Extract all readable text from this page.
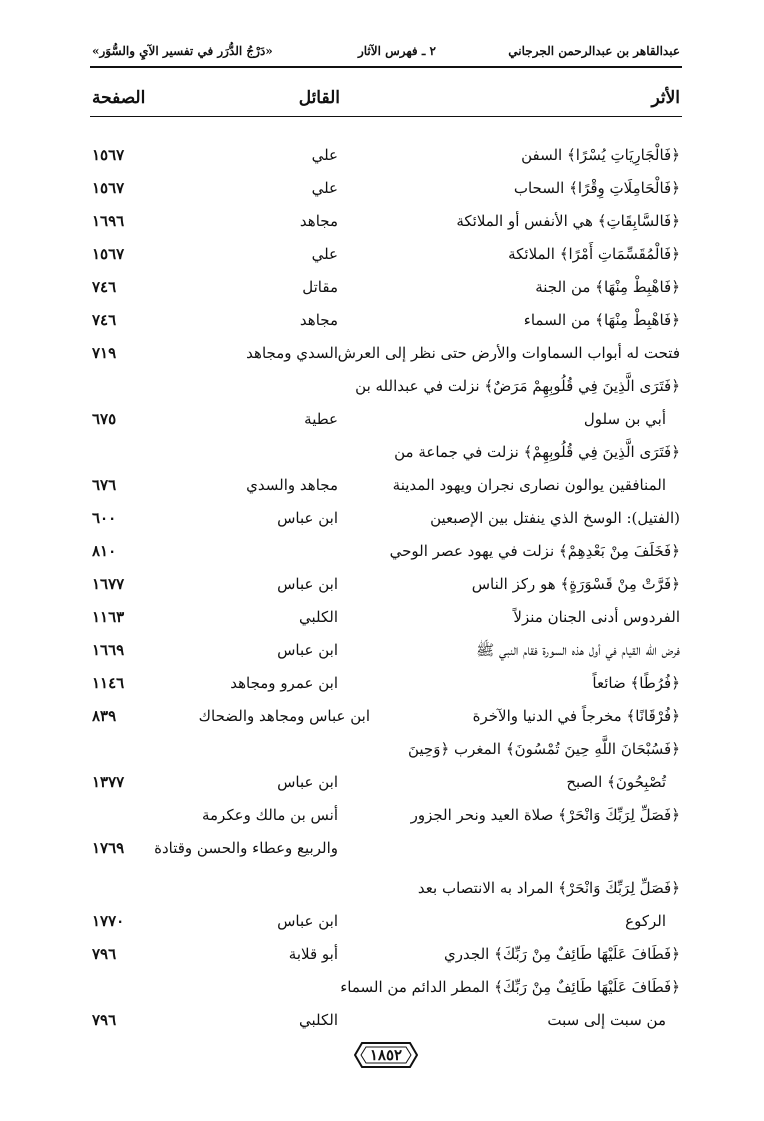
عبدالقاهر بن عبدالرحمن الجرجاني
٢ ـ فهرس الآثار
«دَرْجُ الدُّرَر في تفسير الآيِ والسُّوَر»
الأثر
القائل
الصفحة
﴿فَالْجَارِيَاتِ يُسْرًا﴾ السفن
علي
١٥٦٧
﴿فَالْحَامِلَاتِ وِقْرًا﴾ السحاب
علي
١٥٦٧
﴿فَالسَّابِقَاتِ﴾ هي الأنفس أو الملائكة
مجاهد
١٦٩٦
﴿فَالْمُقَسِّمَاتِ أَمْرًا﴾ الملائكة
علي
١٥٦٧
﴿فَاهْبِطْ مِنْهَا﴾ من الجنة
مقاتل
٧٤٦
﴿فَاهْبِطْ مِنْهَا﴾ من السماء
مجاهد
٧٤٦
فتحت له أبواب السماوات والأرض حتى نظر إلى العرش
السدي ومجاهد
٧١٩
﴿فَتَرَى الَّذِينَ فِي قُلُوبِهِمْ مَرَضٌ﴾ نزلت في عبدالله بن
أبي بن سلول
عطية
٦٧٥
﴿فَتَرَى الَّذِينَ فِي قُلُوبِهِمْ﴾ نزلت في جماعة من
المنافقين يوالون نصارى نجران ويهود المدينة
مجاهد والسدي
٦٧٦
(الفتيل): الوسخ الذي ينفتل بين الإصبعين
ابن عباس
٦٠٠
﴿فَخَلَفَ مِنْ بَعْدِهِمْ﴾ نزلت في يهود عصر الوحي
٨١٠
﴿فَرَّتْ مِنْ قَسْوَرَةٍ﴾ هو ركز الناس
ابن عباس
١٦٧٧
الفردوس أدنى الجنان منزلاً
الكلبي
١١٦٣
فرض الله القيام في أول هذه السورة فقام النبي ﷺ
ابن عباس
١٦٦٩
﴿فُرُطًا﴾ ضائعاً
ابن عمرو ومجاهد
١١٤٦
﴿فُرْقَانًا﴾ مخرجاً في الدنيا والآخرة
ابن عباس ومجاهد والضحاك
٨٣٩
﴿فَسُبْحَانَ اللَّهِ حِينَ تُمْسُونَ﴾ المغرب ﴿وَحِينَ
تُصْبِحُونَ﴾ الصبح
ابن عباس
١٣٧٧
﴿فَصَلِّ لِرَبِّكَ وَانْحَرْ﴾ صلاة العيد ونحر الجزور
أنس بن مالك وعكرمة
والربيع وعطاء والحسن وقتادة
١٧٦٩
﴿فَصَلِّ لِرَبِّكَ وَانْحَرْ﴾ المراد به الانتصاب بعد
الركوع
ابن عباس
١٧٧٠
﴿فَطَافَ عَلَيْهَا طَائِفٌ مِنْ رَبِّكَ﴾ الجدري
أبو قلابة
٧٩٦
﴿فَطَافَ عَلَيْهَا طَائِفٌ مِنْ رَبِّكَ﴾ المطر الدائم من السماء
من سبت إلى سبت
الكلبي
٧٩٦
١٨٥٢
